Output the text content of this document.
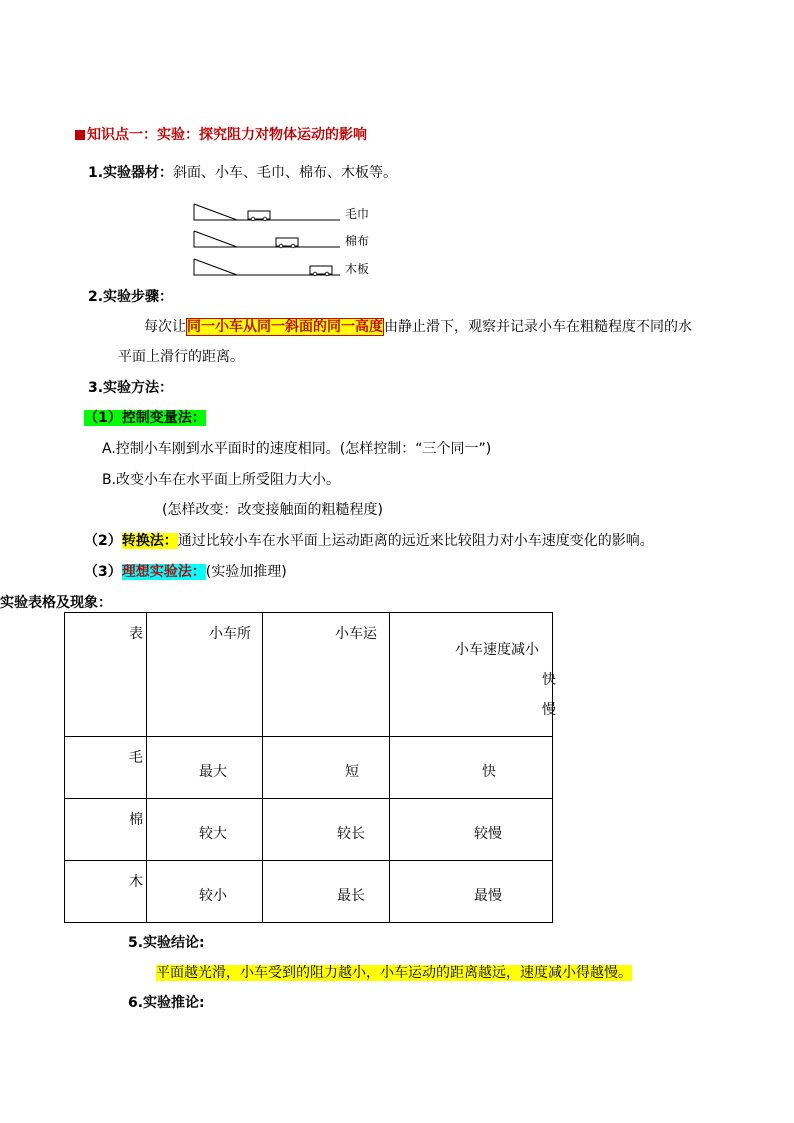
知识点一：实验：探究阻力对物体运动的影响
1.实验器材：斜面、小车、毛巾、棉布、木板等。
毛巾
棉布
木板
2.实验步骤：
每次让同一小车从同一斜面的同一高度由静止滑下，观察并记录小车在粗糙程度不同的水
平面上滑行的距离。
3.实验方法：
（1）控制变量法：
A.控制小车刚到水平面时的速度相同。(怎样控制：“三个同一”)
B.改变小车在水平面上所受阻力大小。
(怎样改变：改变接触面的粗糙程度)
（2）转换法：通过比较小车在水平面上运动距离的远近来比较阻力对小车速度变化的影响。
（3）理想实验法：(实验加推理)
实验表格及现象：
表	小车所	小车运	小车速度减小
快
慢

毛	最大	短	快

棉	较大	较长	较慢

木	较小	最长	最慢
5.实验结论:
平面越光滑，小车受到的阻力越小，小车运动的距离越远，速度减小得越慢。
6.实验推论:
